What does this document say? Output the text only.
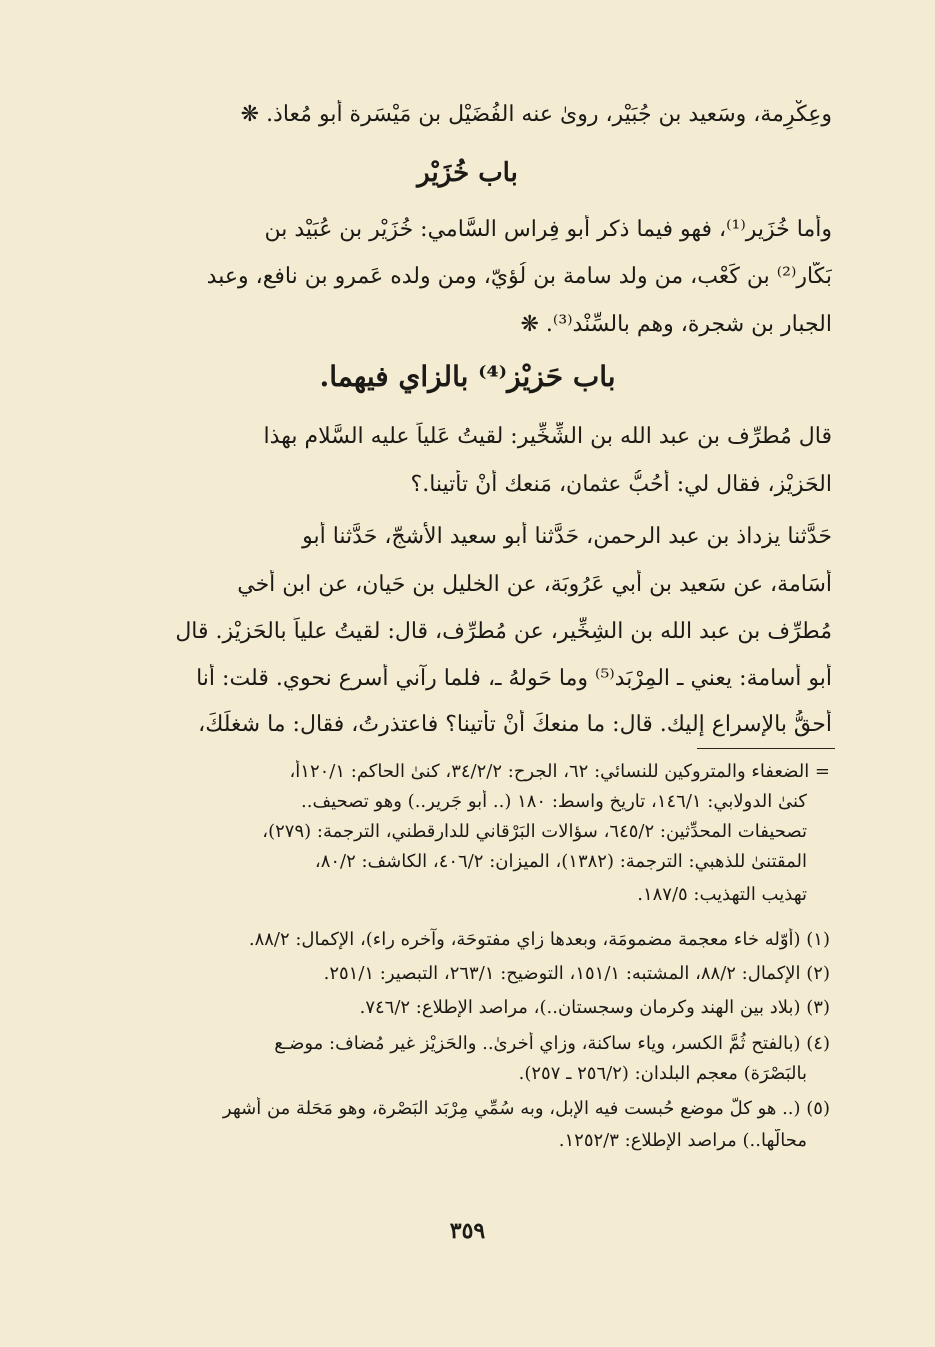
وعِكْرِمة، وسَعيد بن جُبَيْر، روىٰ عنه الفُضَيْل بن مَيْسَرة أبو مُعاذ. ❋
باب خُزَيْر
وأما خُزَير⁽¹⁾، فهو فيما ذكر أبو فِراس السَّامي: خُزَيْر بن عُبَيْد بن
بَكَّار⁽²⁾ بن كَعْب، من ولد سامة بن لُؤيّ، ومن ولده عَمرو بن نافع، وعبد
الجبار بن شجرة، وهم بالسِّنْد⁽³⁾. ❋
باب حَزيْز⁽⁴⁾ بالزاي فيهما.
قال مُطرِّف بن عبد الله بن الشِّخِّير: لقيتُ عَلياً عليه السَّلام بهذا
الحَزيْز، فقال لي: أحُبُّ عثمان، مَنعك أنْ تأتينا.؟
حَدَّثنا يزداذ بن عبد الرحمن، حَدَّثنا أبو سعيد الأشجّ، حَدَّثنا أبو
أُسَامة، عن سَعيد بن أبي عَرُوبَة، عن الخليل بن حَيان، عن ابن أخي
مُطرِّف بن عبد الله بن الشِخِّير، عن مُطرِّف، قال: لقيتُ علياً بالحَزيْز. قال
أبو أسامة: يعني ـ المِرْبَد⁽⁵⁾ وما حَولهُ ـ، فلما رآني أسرع نحوي. قلت: أنا
أحقُّ بالإسراع إليك. قال: ما منعكَ أنْ تأتينا؟ فاعتذرتُ، فقال: ما شغلَكَ،
= الضعفاء والمتروكين للنسائي: ٦٢، الجرح: ٣٤/٢/٢، كنىٰ الحاكم: ١٢٠/١أ،
كنىٰ الدولابي: ١٤٦/١، تاريخ واسط: ١٨٠ (.. أبو جَرير..) وهو تصحيف..
تصحيفات المحدِّثين: ٦٤٥/٢، سؤالات البَرْقاني للدارقطني، الترجمة: (٢٧٩)،
المقتنىٰ للذهبي: الترجمة: (١٣٨٢)، الميزان: ٤٠٦/٢، الكاشف: ٨٠/٢،
تهذيب التهذيب: ١٨٧/٥.
(١) (أوّله خاء معجمة مضمومَة، وبعدها زاي مفتوحَة، وآخره راء)، الإكمال: ٨٨/٢.
(٢) الإكمال: ٨٨/٢، المشتبه: ١٥١/١، التوضيح: ٢٦٣/١، التبصير: ٢٥١/١.
(٣) (بلاد بين الهند وكرمان وسجستان..)، مراصد الإطلاع: ٧٤٦/٢.
(٤) (بالفتح ثُمَّ الكسر، وياء ساكنة، وزاي أُخرىٰ.. والحَزيْز غير مُضاف: موضـع
بالبَصْرَة) معجم البلدان: (٢٥٦/٢ ـ ٢٥٧).
(٥) (.. هو كلُّ موضع حُبست فيه الإبل، وبه سُمِّي مِرْبَد البَصْرة، وهو مَحَلة من أشهر
محالّها..) مراصد الإطلاع: ١٢٥٢/٣.
٣٥٩
